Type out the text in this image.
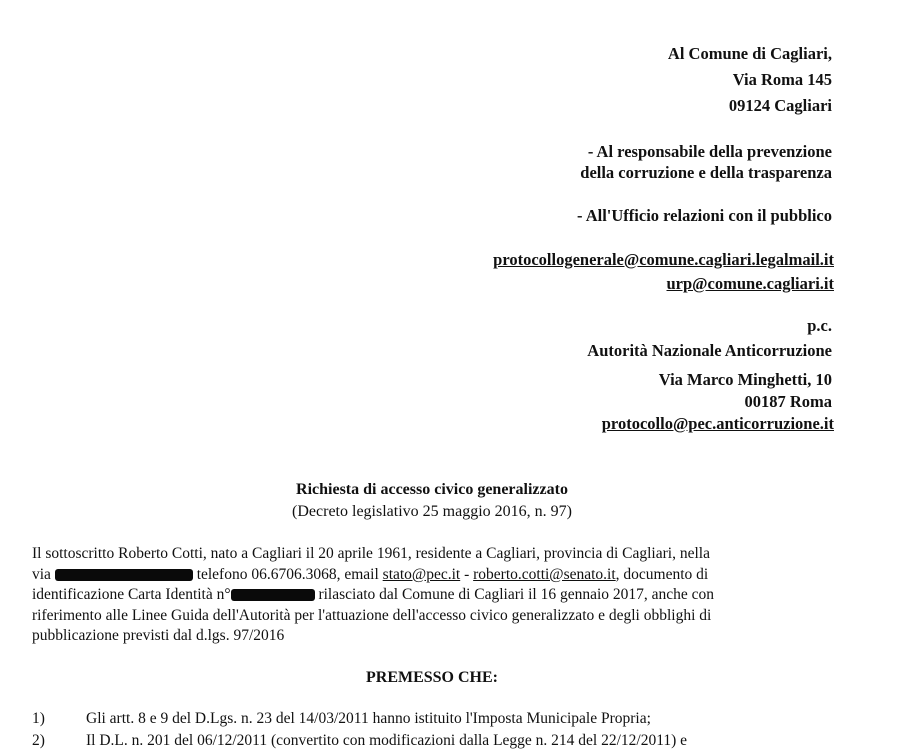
Al Comune di Cagliari,
Via Roma 145
09124 Cagliari
- Al responsabile della prevenzione
della corruzione e della trasparenza
- All'Ufficio relazioni con il pubblico
protocollogenerale@comune.cagliari.legalmail.it
urp@comune.cagliari.it
p.c.
Autorità Nazionale Anticorruzione
Via Marco Minghetti, 10
00187 Roma
protocollo@pec.anticorruzione.it
Richiesta di accesso civico generalizzato
(Decreto legislativo 25 maggio 2016, n. 97)
Il sottoscritto Roberto Cotti, nato a Cagliari il 20 aprile 1961, residente a Cagliari, provincia di Cagliari, nella
via	telefono 06.6706.3068, email stato@pec.it - roberto.cotti@senato.it, documento di
identificazione Carta Identità n°	rilasciato dal Comune di Cagliari il 16 gennaio 2017, anche con
riferimento alle Linee Guida dell'Autorità per l'attuazione dell'accesso civico generalizzato e degli obblighi di
pubblicazione previsti dal d.lgs. 97/2016
PREMESSO CHE:
1)	Gli artt. 8 e 9 del D.Lgs. n. 23 del 14/03/2011 hanno istituito l'Imposta Municipale Propria;
2)	Il D.L. n. 201 del 06/12/2011 (convertito con modificazioni dalla Legge n. 214 del 22/12/2011) e
